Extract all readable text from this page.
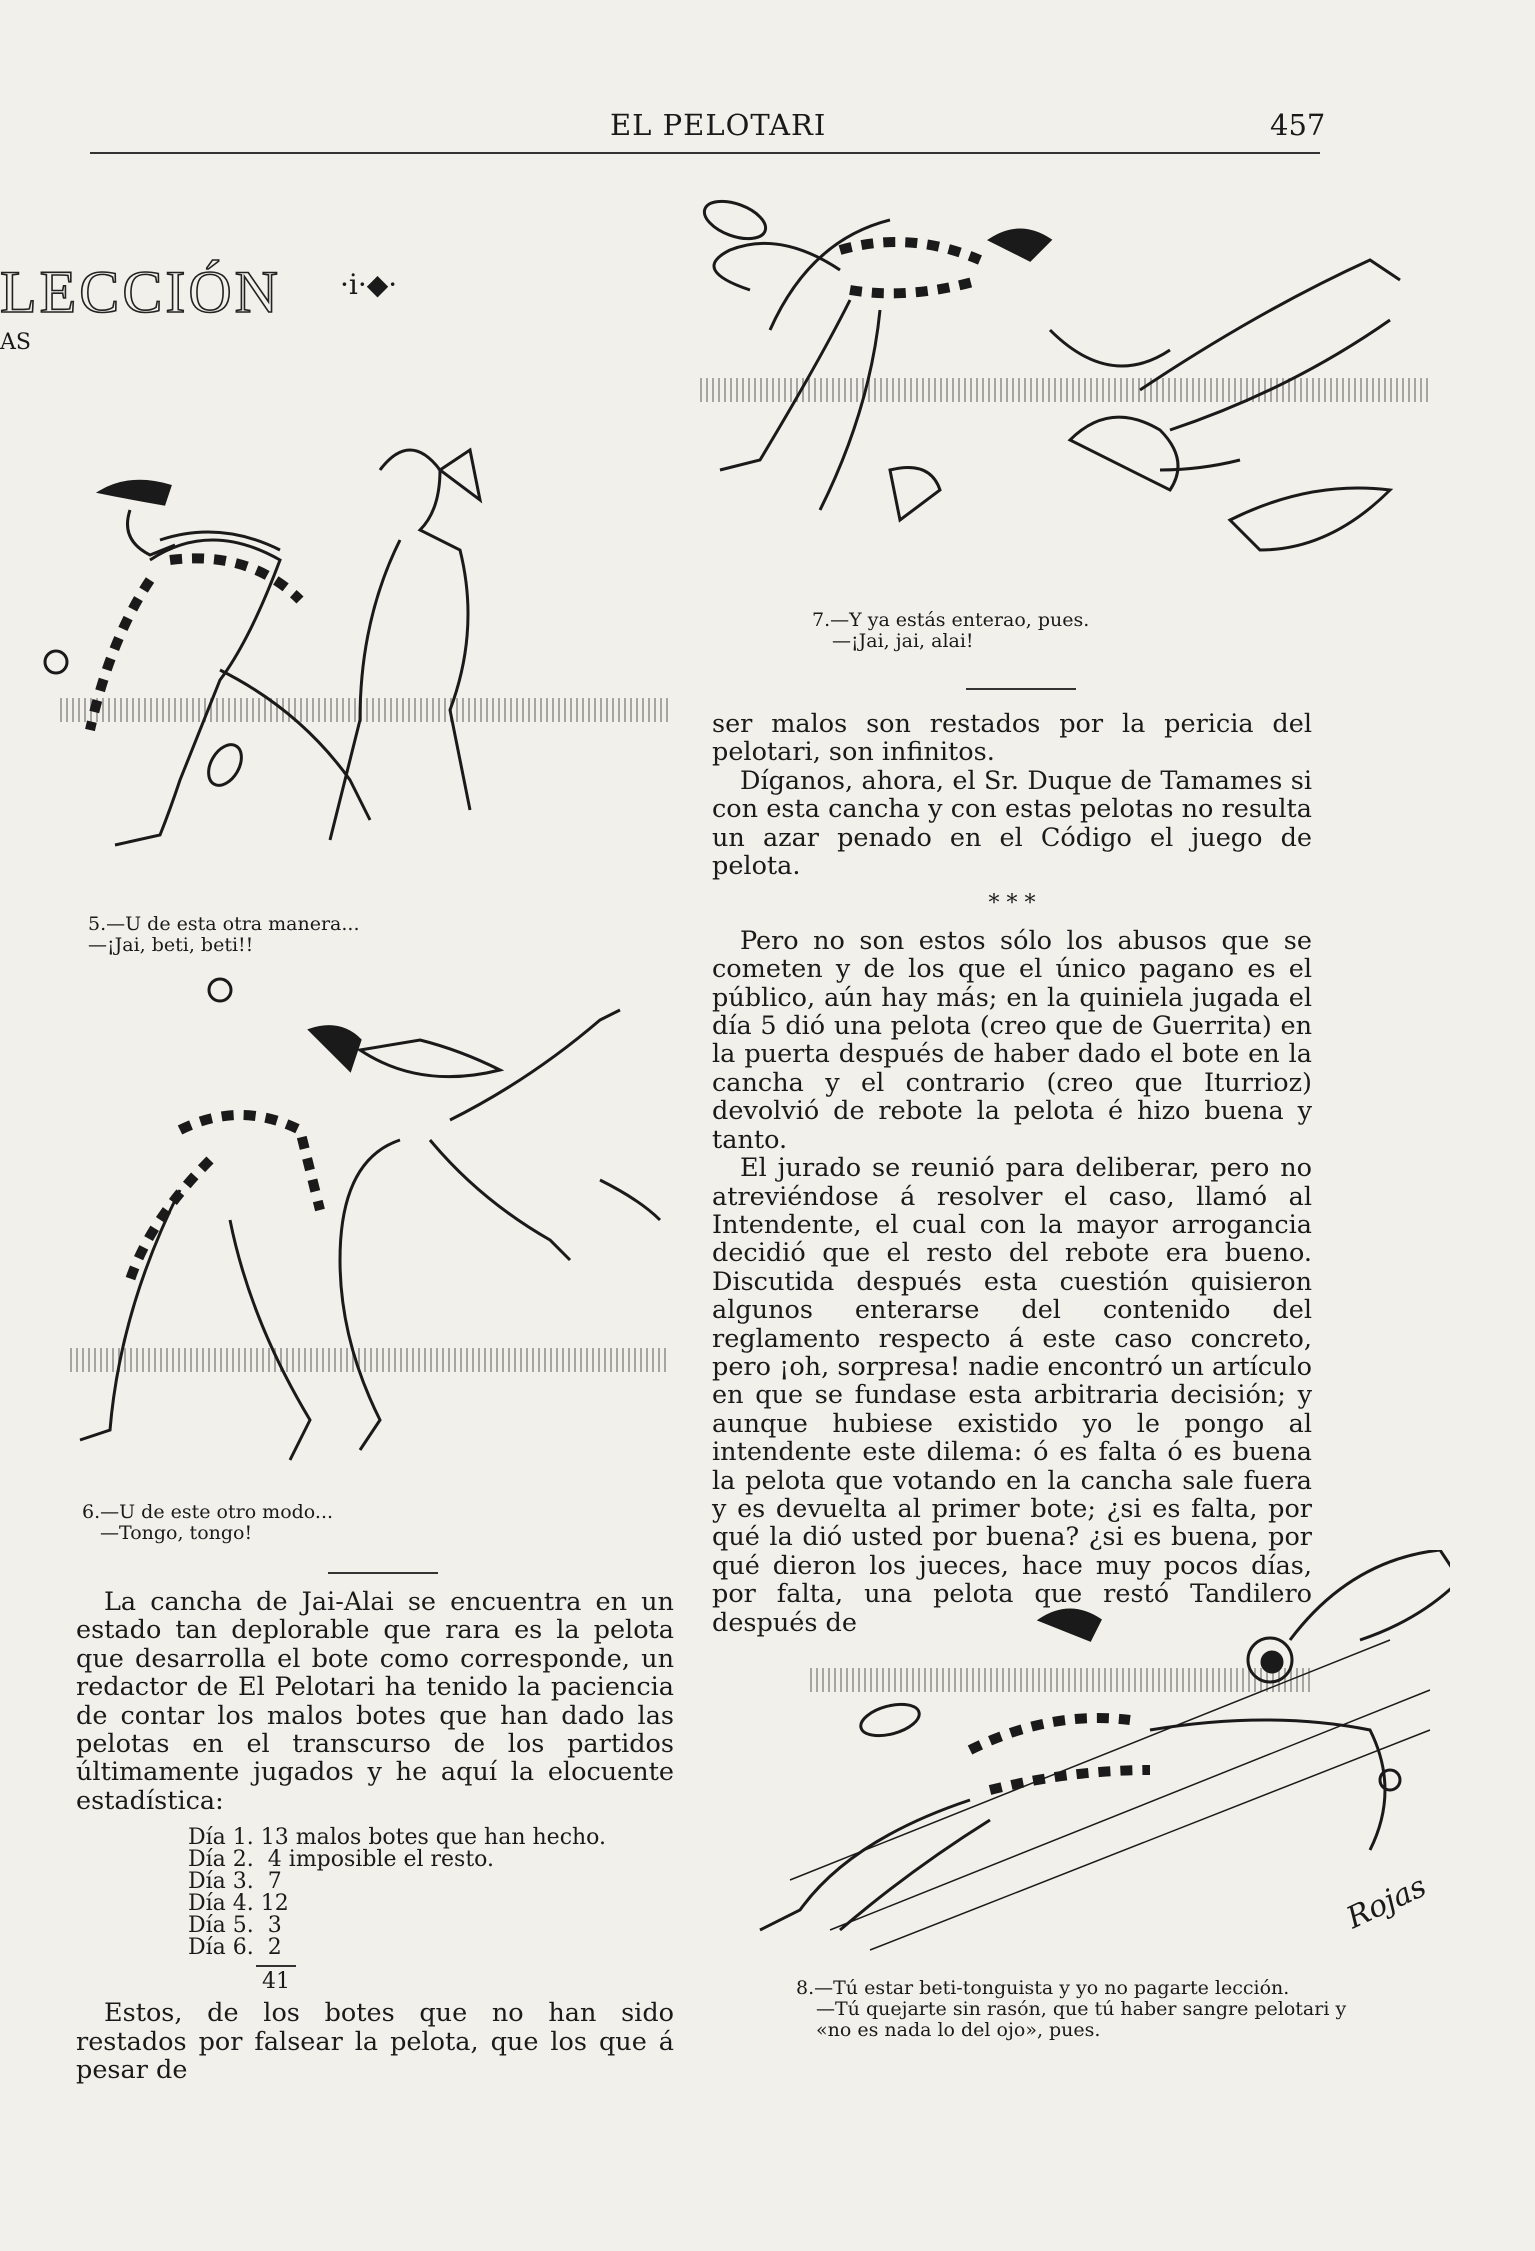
EL PELOTARI	457
LECCIÓN ·i·◆·
AS
5.—U de esta otra manera...
—¡Jai, beti, beti!!
6.—U de este otro modo...
—Tongo, tongo!
7.—Y ya estás enterao, pues.
—¡Jai, jai, alai!

ser malos son restados por la pericia del pelotari, son infinitos.

Díganos, ahora, el Sr. Duque de Tamames si con esta cancha y con estas pelotas no resulta un azar penado en el Código el juego de pelota.

* * *

Pero no son estos sólo los abusos que se cometen y de los que el único pagano es el público, aún hay más; en la quiniela jugada el día 5 dió una pelota (creo que de Guerrita) en la puerta después de haber dado el bote en la cancha y el contrario (creo que Iturrioz) devolvió de rebote la pelota é hizo buena y tanto.

El jurado se reunió para deliberar, pero no atreviéndose á resolver el caso, llamó al Intendente, el cual con la mayor arrogancia decidió que el resto del rebote era bueno. Discutida después esta cuestión quisieron algunos enterarse del contenido del reglamento respecto á este caso concreto, pero ¡oh, sorpresa! nadie encontró un artículo en que se fundase esta arbitraria decisión; y aunque hubiese existido yo le pongo al intendente este dilema: ó es falta ó es buena la pelota que votando en la cancha sale fuera y es devuelta al primer bote; ¿si es falta, por qué la dió usted por buena? ¿si es buena, por qué dieron los jueces, hace muy pocos días, por falta, una pelota que restó Tandilero después de

La cancha de Jai-Alai se encuentra en un estado tan deplorable que rara es la pelota que desarrolla el bote como corresponde, un redactor de El Pelotari ha tenido la paciencia de contar los malos botes que han dado las pelotas en el transcurso de los partidos últimamente jugados y he aquí la elocuente estadística:

Día 1. 13 malos botes que han hecho.
Día 2. 4 imposible el resto.
Día 3. 7
Día 4. 12
Día 5. 3
Día 6. 2
41

Estos, de los botes que no han sido restados por falsear la pelota, que los que á pesar de

Rojas
8.—Tú estar beti-tonguista y yo no pagarte lección.
—Tú quejarte sin rasón, que tú haber sangre pelotari y
«no es nada lo del ojo», pues.
